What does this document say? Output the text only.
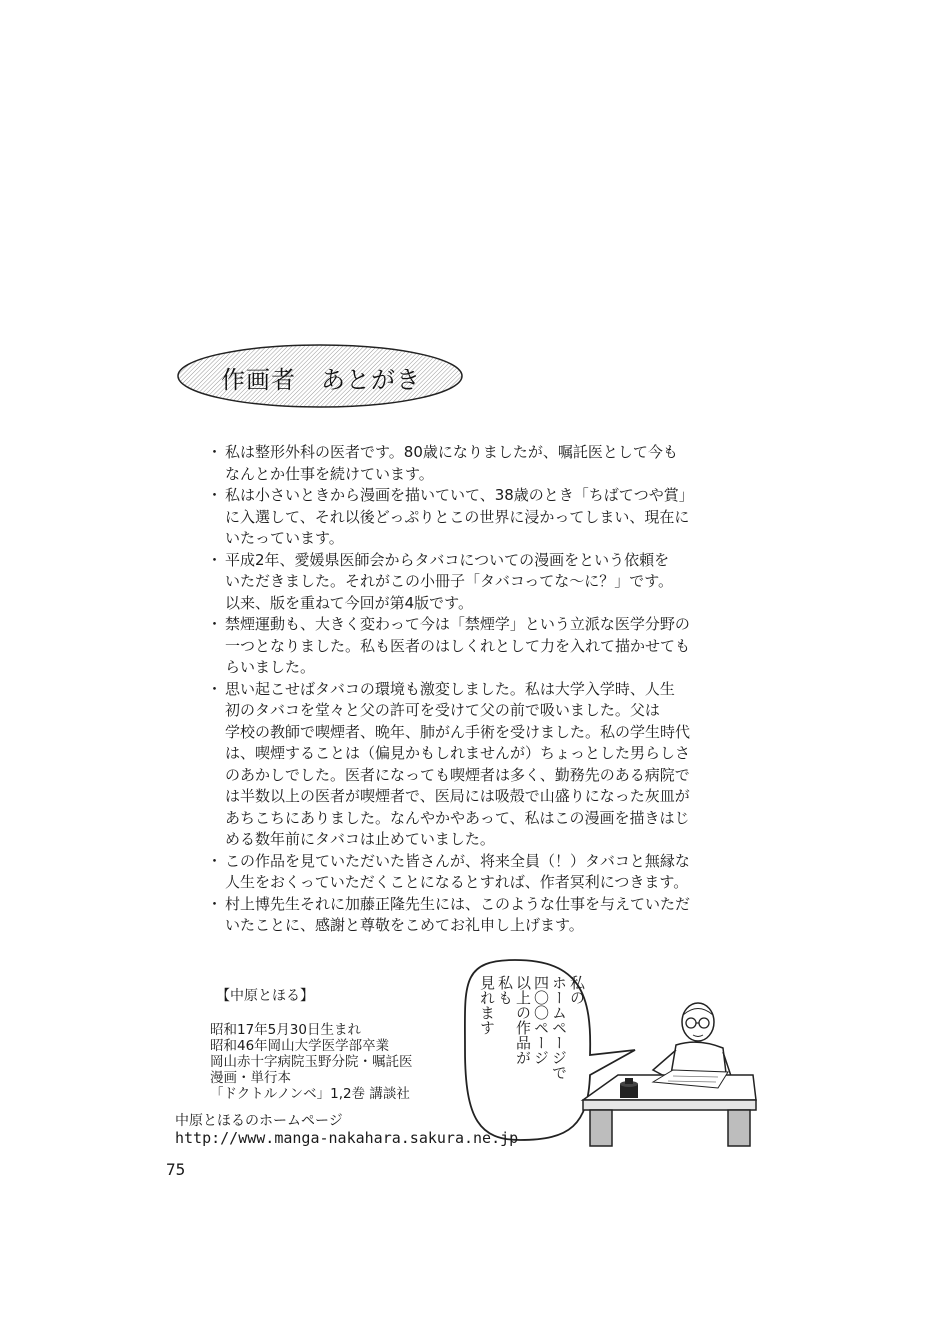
作画者　あとがき
・ 私は整形外科の医者です。80歳になりましたが、嘱託医として今も
なんとか仕事を続けています。
・ 私は小さいときから漫画を描いていて、38歳のとき「ちばてつや賞」
に入選して、それ以後どっぷりとこの世界に浸かってしまい、現在に
いたっています。
・ 平成2年、愛媛県医師会からタバコについての漫画をという依頼を
いただきました。それがこの小冊子「タバコってな〜に？」です。
以来、版を重ねて今回が第4版です。
・ 禁煙運動も、大きく変わって今は「禁煙学」という立派な医学分野の
一つとなりました。私も医者のはしくれとして力を入れて描かせても
らいました。
・ 思い起こせばタバコの環境も激変しました。私は大学入学時、人生
初のタバコを堂々と父の許可を受けて父の前で吸いました。父は
学校の教師で喫煙者、晩年、肺がん手術を受けました。私の学生時代
は、喫煙することは（偏見かもしれませんが）ちょっとした男らしさ
のあかしでした。医者になっても喫煙者は多く、勤務先のある病院で
は半数以上の医者が喫煙者で、医局には吸殻で山盛りになった灰皿が
あちこちにありました。なんやかやあって、私はこの漫画を描きはじ
める数年前にタバコは止めていました。
・ この作品を見ていただいた皆さんが、将来全員（！）タバコと無縁な
人生をおくっていただくことになるとすれば、作者冥利につきます。
・ 村上博先生それに加藤正隆先生には、このような仕事を与えていただ
いたことに、感謝と尊敬をこめてお礼申し上げます。
【中原とほる】
昭和17年5月30日生まれ
昭和46年岡山大学医学部卒業
岡山赤十字病院玉野分院・嘱託医
漫画・単行本
「ドクトルノンベ」1,2巻 講談社
私の
ホームページで
四〇〇ページ
以上の作品が
私も
見れます
中原とほるのホームページ
http://www.manga-nakahara.sakura.ne.jp
75
